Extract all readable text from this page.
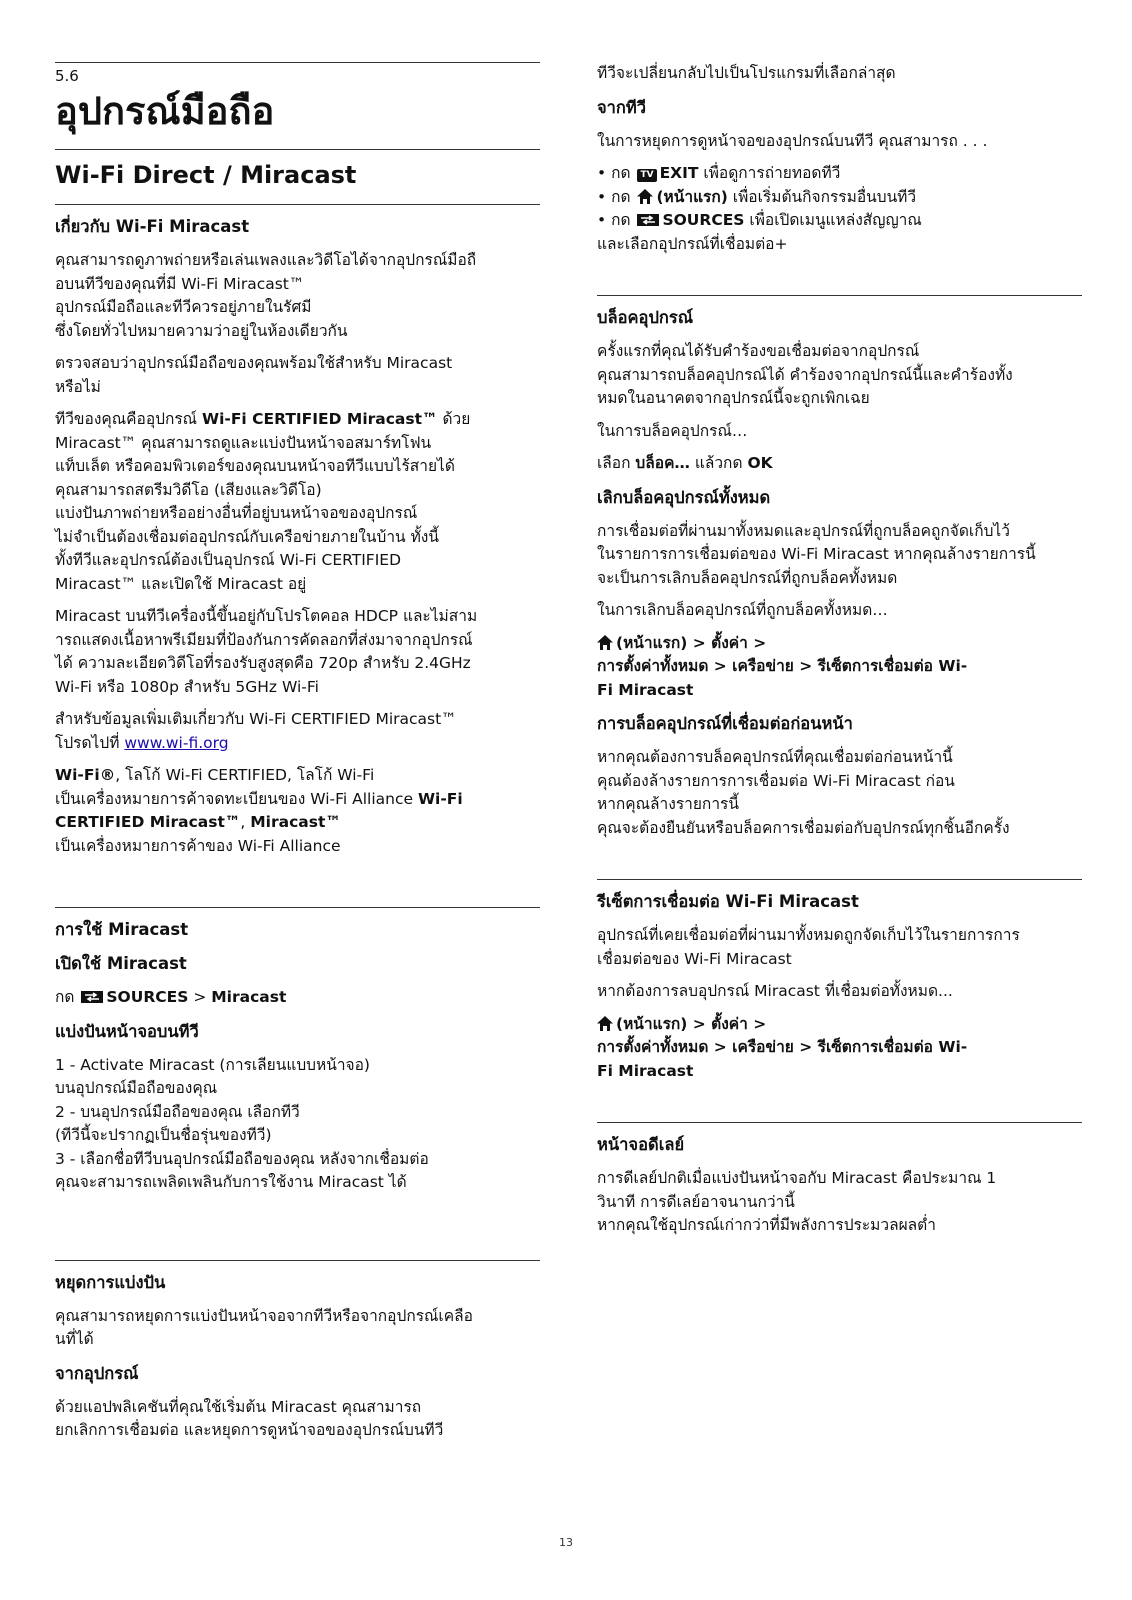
5.6
อุปกรณ์มือถือ
Wi-Fi Direct / Miracast
เกี่ยวกับ Wi-Fi Miracast

คุณสามารถดูภาพถ่ายหรือเล่นเพลงและวิดีโอได้จากอุปกรณ์มือถื
อบนทีวีของคุณที่มี Wi-Fi Miracast™
อุปกรณ์มือถือและทีวีควรอยู่ภายในรัศมี
ซึ่งโดยทั่วไปหมายความว่าอยู่ในห้องเดียวกัน

ตรวจสอบว่าอุปกรณ์มือถือของคุณพร้อมใช้สำหรับ Miracast
หรือไม่

ทีวีของคุณคืออุปกรณ์ Wi-Fi CERTIFIED Miracast™ ด้วย
Miracast™ คุณสามารถดูและแบ่งปันหน้าจอสมาร์ทโฟน
แท็บเล็ต หรือคอมพิวเตอร์ของคุณบนหน้าจอทีวีแบบไร้สายได้
คุณสามารถสตรีมวิดีโอ (เสียงและวิดีโอ)
แบ่งปันภาพถ่ายหรืออย่างอื่นที่อยู่บนหน้าจอของอุปกรณ์
ไม่จำเป็นต้องเชื่อมต่ออุปกรณ์กับเครือข่ายภายในบ้าน ทั้งนี้
ทั้งทีวีและอุปกรณ์ต้องเป็นอุปกรณ์ Wi-Fi CERTIFIED
Miracast™ และเปิดใช้ Miracast อยู่

Miracast บนทีวีเครื่องนี้ขึ้นอยู่กับโปรโตคอล HDCP และไม่สาม
ารถแสดงเนื้อหาพรีเมียมที่ป้องกันการคัดลอกที่ส่งมาจากอุปกรณ์
ได้ ความละเอียดวิดีโอที่รองรับสูงสุดคือ 720p สำหรับ 2.4GHz
Wi-Fi หรือ 1080p สำหรับ 5GHz Wi-Fi

สำหรับข้อมูลเพิ่มเติมเกี่ยวกับ Wi-Fi CERTIFIED Miracast™
โปรดไปที่ www.wi-fi.org

Wi-Fi®, โลโก้ Wi-Fi CERTIFIED, โลโก้ Wi-Fi
เป็นเครื่องหมายการค้าจดทะเบียนของ Wi-Fi Alliance Wi-Fi
CERTIFIED Miracast™, Miracast™
เป็นเครื่องหมายการค้าของ Wi-Fi Alliance

การใช้ Miracast
เปิดใช้ Miracast

กด SOURCES > Miracast

แบ่งปันหน้าจอบนทีวี

1 - Activate Miracast (การเลียนแบบหน้าจอ)
บนอุปกรณ์มือถือของคุณ
2 - บนอุปกรณ์มือถือของคุณ เลือกทีวี
(ทีวีนี้จะปรากฏเป็นชื่อรุ่นของทีวี)
3 - เลือกชื่อทีวีบนอุปกรณ์มือถือของคุณ หลังจากเชื่อมต่อ
คุณจะสามารถเพลิดเพลินกับการใช้งาน Miracast ได้

หยุดการแบ่งปัน

คุณสามารถหยุดการแบ่งปันหน้าจอจากทีวีหรือจากอุปกรณ์เคลือ
นที่ได้

จากอุปกรณ์

ด้วยแอปพลิเคชันที่คุณใช้เริ่มต้น Miracast คุณสามารถ
ยกเลิกการเชื่อมต่อ และหยุดการดูหน้าจอของอุปกรณ์บนทีวี

ทีวีจะเปลี่ยนกลับไปเป็นโปรแกรมที่เลือกล่าสุด

จากทีวี

ในการหยุดการดูหน้าจอของอุปกรณ์บนทีวี คุณสามารถ . . .

• กด TV EXIT เพื่อดูการถ่ายทอดทีวี
• กด (หน้าแรก) เพื่อเริ่มต้นกิจกรรมอื่นบนทีวี
• กด SOURCES เพื่อเปิดเมนูแหล่งสัญญาณ
และเลือกอุปกรณ์ที่เชื่อมต่อ+

บล็อคอุปกรณ์

ครั้งแรกที่คุณได้รับคำร้องขอเชื่อมต่อจากอุปกรณ์
คุณสามารถบล็อคอุปกรณ์ได้ คำร้องจากอุปกรณ์นี้และคำร้องทั้ง
หมดในอนาคตจากอุปกรณ์นี้จะถูกเพิกเฉย

ในการบล็อคอุปกรณ์…

เลือก บล็อค… แล้วกด OK

เลิกบล็อคอุปกรณ์ทั้งหมด

การเชื่อมต่อที่ผ่านมาทั้งหมดและอุปกรณ์ที่ถูกบล็อคถูกจัดเก็บไว้
ในรายการการเชื่อมต่อของ Wi-Fi Miracast หากคุณล้างรายการนี้
จะเป็นการเลิกบล็อคอุปกรณ์ที่ถูกบล็อคทั้งหมด

ในการเลิกบล็อคอุปกรณ์ที่ถูกบล็อคทั้งหมด…

(หน้าแรก) > ตั้งค่า >
การตั้งค่าทั้งหมด > เครือข่าย > รีเซ็ตการเชื่อมต่อ Wi-
Fi Miracast

การบล็อคอุปกรณ์ที่เชื่อมต่อก่อนหน้า

หากคุณต้องการบล็อคอุปกรณ์ที่คุณเชื่อมต่อก่อนหน้านี้
คุณต้องล้างรายการการเชื่อมต่อ Wi-Fi Miracast ก่อน
หากคุณล้างรายการนี้
คุณจะต้องยืนยันหรือบล็อคการเชื่อมต่อกับอุปกรณ์ทุกชิ้นอีกครั้ง

รีเซ็ตการเชื่อมต่อ Wi-Fi Miracast

อุปกรณ์ที่เคยเชื่อมต่อที่ผ่านมาทั้งหมดถูกจัดเก็บไว้ในรายการการ
เชื่อมต่อของ Wi-Fi Miracast

หากต้องการลบอุปกรณ์ Miracast ที่เชื่อมต่อทั้งหมด...

(หน้าแรก) > ตั้งค่า >
การตั้งค่าทั้งหมด > เครือข่าย > รีเซ็ตการเชื่อมต่อ Wi-
Fi Miracast

หน้าจอดีเลย์

การดีเลย์ปกติเมื่อแบ่งปันหน้าจอกับ Miracast คือประมาณ 1
วินาที การดีเลย์อาจนานกว่านี้
หากคุณใช้อุปกรณ์เก่ากว่าที่มีพลังการประมวลผลต่ำ

13
